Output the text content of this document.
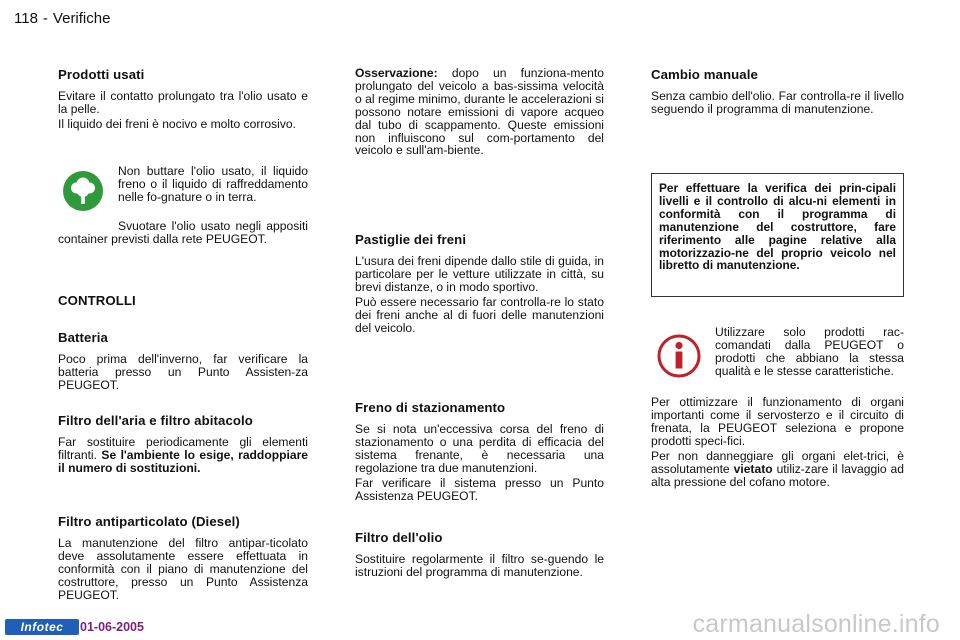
118 - Verifiche
Prodotti usati

Evitare il contatto prolungato tra l'olio usato e la pelle.

Il liquido dei freni è nocivo e molto corrosivo.

Non buttare l'olio usato, il liquido freno o il liquido di raffreddamento nelle fo-gnature o in terra.

Svuotare l'olio usato negli appositi container previsti dalla rete PEUGEOT.

CONTROLLI
Batteria

Poco prima dell'inverno, far verificare la batteria presso un Punto Assisten-za PEUGEOT.

Filtro dell'aria e filtro abitacolo

Far sostituire periodicamente gli elementi filtranti. Se l'ambiente lo esige, raddoppiare il numero di sostituzioni.

Filtro antiparticolato (Diesel)

La manutenzione del filtro antipar-ticolato deve assolutamente essere effettuata in conformità con il piano di manutenzione del costruttore, presso un Punto Assistenza PEUGEOT.

Osservazione: dopo un funziona-mento prolungato del veicolo a bas-sissima velocità o al regime minimo, durante le accelerazioni si possono notare emissioni di vapore acqueo dal tubo di scappamento. Queste emissioni non influiscono sul com-portamento del veicolo e sull'am-biente.

Pastiglie dei freni

L'usura dei freni dipende dallo stile di guida, in particolare per le vetture utilizzate in città, su brevi distanze, o in modo sportivo.

Può essere necessario far controlla-re lo stato dei freni anche al di fuori delle manutenzioni del veicolo.

Freno di stazionamento

Se si nota un'eccessiva corsa del freno di stazionamento o una perdita di efficacia del sistema frenante, è necessaria una regolazione tra due manutenzioni.

Far verificare il sistema presso un Punto Assistenza PEUGEOT.

Filtro dell'olio

Sostituire regolarmente il filtro se-guendo le istruzioni del programma di manutenzione.

Cambio manuale

Senza cambio dell'olio. Far controlla-re il livello seguendo il programma di manutenzione.

Per effettuare la verifica dei prin-cipali livelli e il controllo di alcu-ni elementi in conformità con il programma di manutenzione del costruttore, fare riferimento alle pagine relative alla motorizzazio-ne del proprio veicolo nel libretto di manutenzione.

Utilizzare solo prodotti rac-comandati dalla PEUGEOT o prodotti che abbiano la stessa qualità e le stesse caratteristiche.

Per ottimizzare il funzionamento di organi importanti come il servosterzo e il circuito di frenata, la PEUGEOT seleziona e propone prodotti speci-fici.

Per non danneggiare gli organi elet-trici, è assolutamente vietato utiliz-zare il lavaggio ad alta pressione del cofano motore.

Infotec	01-06-2005	carmanualsonline.info
